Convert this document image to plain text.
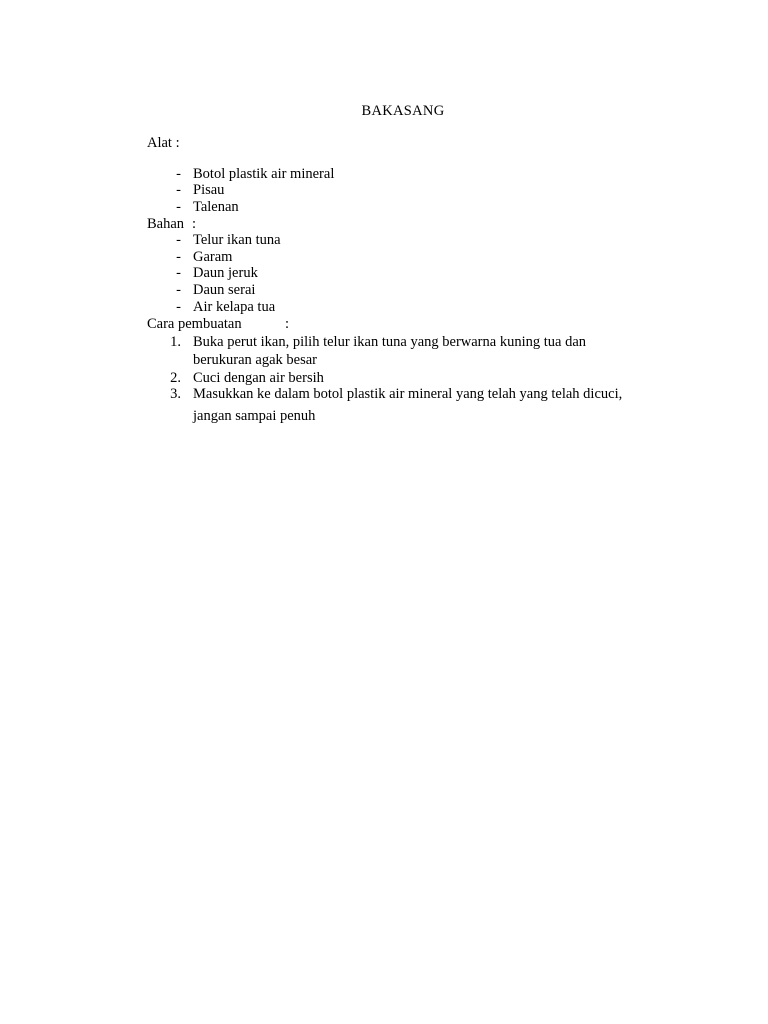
BAKASANG
Alat :
- Botol plastik air mineral
- Pisau
- Talenan
Bahan :
- Telur ikan tuna
- Garam
- Daun jeruk
- Daun serai
- Air kelapa tua
Cara pembuatan	:
1. Buka perut ikan, pilih telur ikan tuna yang berwarna kuning tua dan
berukuran agak besar
2. Cuci dengan air bersih
3. Masukkan ke dalam botol plastik air mineral yang telah yang telah dicuci,
jangan sampai penuh
